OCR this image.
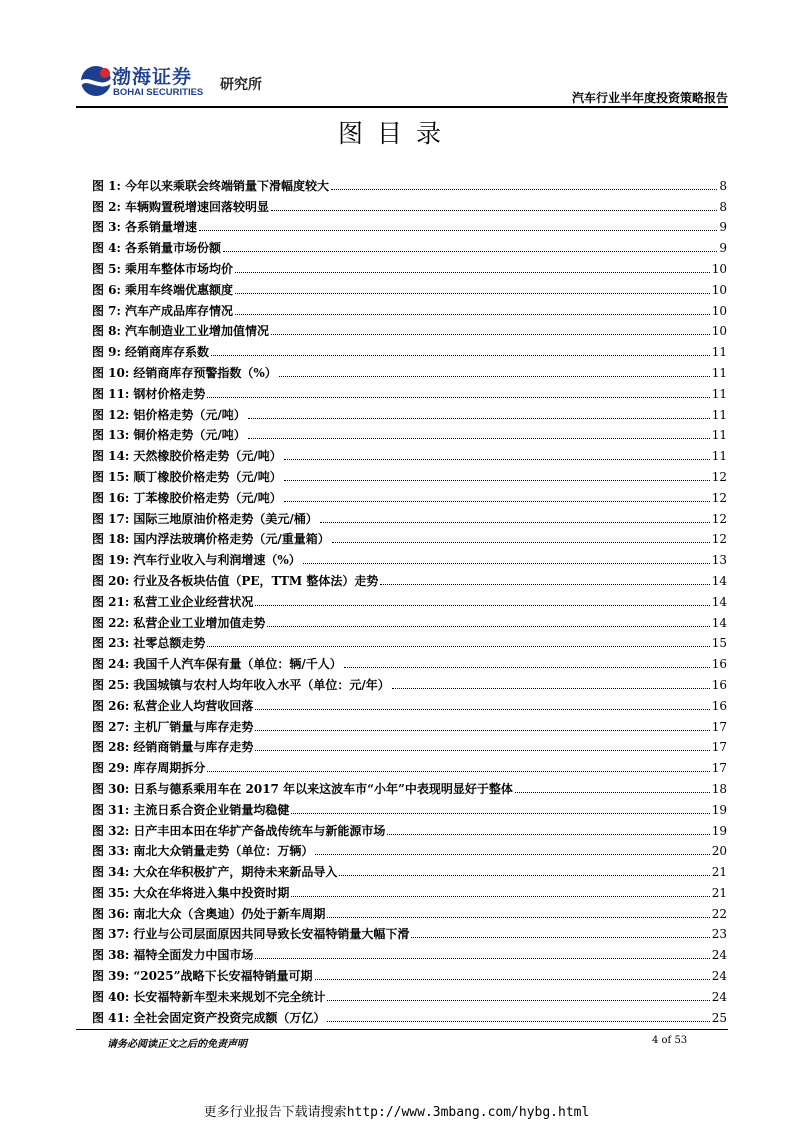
渤海证券
BOHAI SECURITIES 研究所
汽车行业半年度投资策略报告
图目录
图 1: 今年以来乘联会终端销量下滑幅度较大	8
图 2: 车辆购置税增速回落较明显	8
图 3: 各系销量增速	9
图 4: 各系销量市场份额	9
图 5: 乘用车整体市场均价	10
图 6: 乘用车终端优惠额度	10
图 7: 汽车产成品库存情况	10
图 8: 汽车制造业工业增加值情况	10
图 9: 经销商库存系数	11
图 10: 经销商库存预警指数（%）	11
图 11: 钢材价格走势	11
图 12: 铝价格走势（元/吨）	11
图 13: 铜价格走势（元/吨）	11
图 14: 天然橡胶价格走势（元/吨）	11
图 15: 顺丁橡胶价格走势（元/吨）	12
图 16: 丁苯橡胶价格走势（元/吨）	12
图 17: 国际三地原油价格走势（美元/桶）	12
图 18: 国内浮法玻璃价格走势（元/重量箱）	12
图 19: 汽车行业收入与利润增速（%）	13
图 20: 行业及各板块估值（PE，TTM 整体法）走势	14
图 21: 私营工业企业经营状况	14
图 22: 私营企业工业增加值走势	14
图 23: 社零总额走势	15
图 24: 我国千人汽车保有量（单位：辆/千人）	16
图 25: 我国城镇与农村人均年收入水平（单位：元/年）	16
图 26: 私营企业人均营收回落	16
图 27: 主机厂销量与库存走势	17
图 28: 经销商销量与库存走势	17
图 29: 库存周期拆分	17
图 30: 日系与德系乘用车在 2017 年以来这波车市“小年”中表现明显好于整体	18
图 31: 主流日系合资企业销量均稳健	19
图 32: 日产丰田本田在华扩产备战传统车与新能源市场	19
图 33: 南北大众销量走势（单位：万辆）	20
图 34: 大众在华积极扩产，期待未来新品导入	21
图 35: 大众在华将进入集中投资时期	21
图 36: 南北大众（含奥迪）仍处于新车周期	22
图 37: 行业与公司层面原因共同导致长安福特销量大幅下滑	23
图 38: 福特全面发力中国市场	24
图 39: “2025”战略下长安福特销量可期	24
图 40: 长安福特新车型未来规划不完全统计	24
图 41: 全社会固定资产投资完成额（万亿）	25
请务必阅读正文之后的免责声明	4 of 53
更多行业报告下载请搜索http://www.3mbang.com/hybg.html
